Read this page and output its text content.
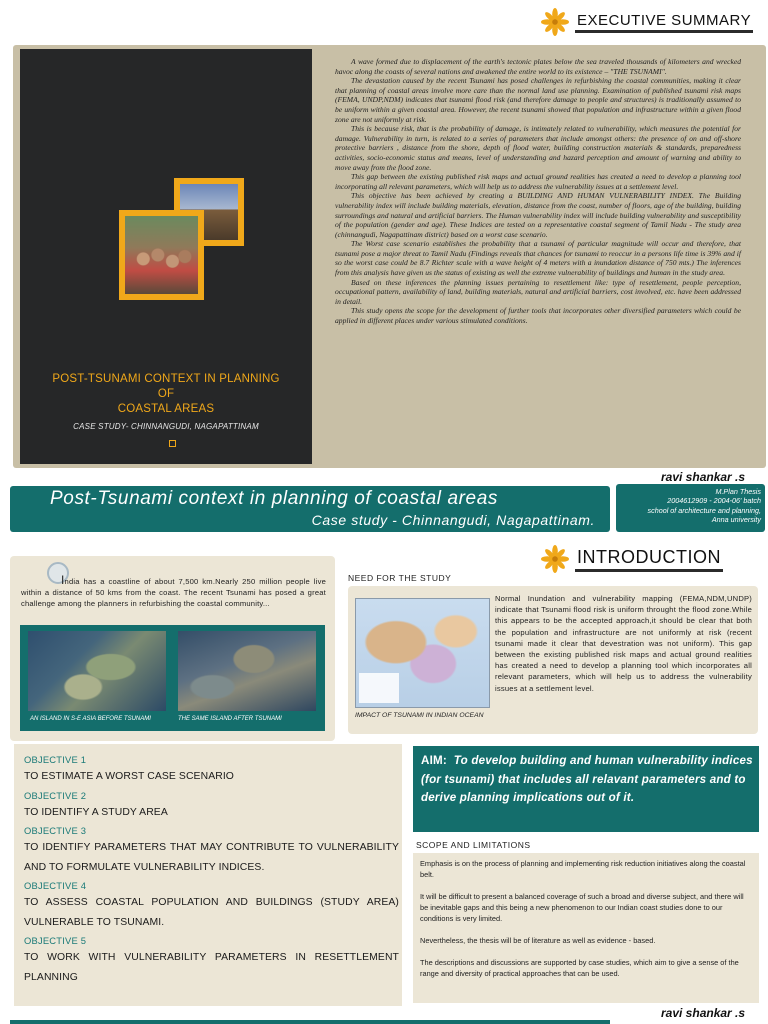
EXECUTIVE SUMMARY
POST-TSUNAMI CONTEXT IN PLANNING
OF
COASTAL AREAS
CASE STUDY- CHINNANGUDI, NAGAPATTINAM

A wave formed due to displacement of the earth's tectonic plates below the sea traveled thousands of kilometers and wrecked havoc along the coasts of several nations and awakened the entire world to its existence – "THE TSUNAMI".

The devastation caused by the recent Tsunami has posed challenges in refurbishing the coastal communities, making it clear that planning of coastal areas involve more care than the normal land use planning. Examination of published tsunami risk maps (FEMA, UNDP,NDM) indicates that tsunami flood risk (and therefore damage to people and structures) is traditionally assumed to be uniform within a given coastal area. However, the recent tsunami showed that population and infrastructure within a given flood zone are not uniformly at risk.

This is because risk, that is the probability of damage, is intimately related to vulnerability, which measures the potential for damage. Vulnerability in turn, is related to a series of parameters that include amongst others: the presence of on and off-shore protective barriers , distance from the shore, depth of flood water, building construction materials & standards, preparedness activities, socio-economic status and means, level of understanding and hazard perception and amount of warning and ability to move away from the flood zone.

This gap between the existing published risk maps and actual ground realities has created a need to develop a planning tool incorporating all relevant parameters, which will help us to address the vulnerability issues at a settlement level.

This objective has been achieved by creating a BUILDING AND HUMAN VULNERABILITY INDEX. The Building vulnerability index will include building materials, elevation, distance from the coast, number of floors, age of the building, building surroundings and natural and artificial barriers. The Human vulnerability index will include building vulnerability and susceptibility of the population (gender and age). These Indices are tested on a representative coastal segment of Tamil Nadu - The study area (chinnangudi, Nagapattinam district) based on a worst case scenario.

The Worst case scenario establishes the probability that a tsunami of particular magnitude will occur and therefore, that tsunami pose a major threat to Tamil Nadu (Findings reveals that chances for tsunami to reoccur in a persons life time is 39% and if so the worst case could be 8.7 Richter scale with a wave height of 4 meters with a inundation distance of 750 mts.) The inferences from this analysis have given us the status of existing as well the extreme vulnerability of buildings and human in the study area.

Based on these inferences the planning issues pertaining to resettlement like: type of resettlement, people perception, occupational pattern, availability of land, building materials, natural and artificial barriers, cost involved, etc. have been addressed in detail.

This study opens the scope for the development of further tools that incorporates other diversified parameters which could be applied in different places under various stimulated conditions.

ravi shankar .s
Post-Tsunami context in planning of coastal areas
Case study - Chinnangudi, Nagapattinam.
M.Plan Thesis
2004612909 - 2004-06' batch
school of architecture and planning,
Anna university
INTRODUCTION
India has a coastline of about 7,500 km.Nearly 250 million people live within a distance of 50 kms from the coast. The recent Tsunami has posed a great challenge among the planners in refurbishing the coastal community...
AN ISLAND IN S-E ASIA BEFORE TSUNAMI	THE SAME ISLAND AFTER TSUNAMI
NEED FOR THE STUDY
IMPACT OF TSUNAMI IN INDIAN OCEAN
Normal Inundation and vulnerability mapping (FEMA,NDM,UNDP) indicate that Tsunami flood risk is uniform throught the flood zone.While this appears to be the accepted approach,it should be clear that both the population and infrastructure are not uniformly at risk (recent tsunami made it clear that devestration was not uniform). This gap between the existing published risk maps and actual ground realities has created a need to develop a planning tool which incorporates all relevant parameters, which will help us to address the vulnerability issues at a settlement level.
OBJECTIVE 1
TO ESTIMATE A WORST CASE SCENARIO
OBJECTIVE 2
TO IDENTIFY A STUDY AREA
OBJECTIVE 3
TO IDENTIFY PARAMETERS THAT MAY CONTRIBUTE TO VULNERABILITY AND TO FORMULATE VULNERABILITY INDICES.
OBJECTIVE 4
TO ASSESS COASTAL POPULATION AND BUILDINGS (STUDY AREA) VULNERABLE TO TSUNAMI.
OBJECTIVE 5
TO WORK WITH VULNERABILITY PARAMETERS IN RESETTLEMENT PLANNING
AIM: To develop building and human vulnerability indices (for tsunami) that includes all relavant parameters and to derive planning implications out of it.
SCOPE AND LIMITATIONS

Emphasis is on the process of planning and implementing risk reduction initiatives along the coastal belt.

It will be difficult to present a balanced coverage of such a broad and diverse subject, and there will be inevitable gaps and this being a new phenomenon to our Indian coast studies done to our conditions is very limited.

Nevertheless, the thesis will be of literature as well as evidence - based.

The descriptions and discussions are supported by case studies, which aim to give a sense of the range and diversity of practical approaches that can be used.

ravi shankar .s
